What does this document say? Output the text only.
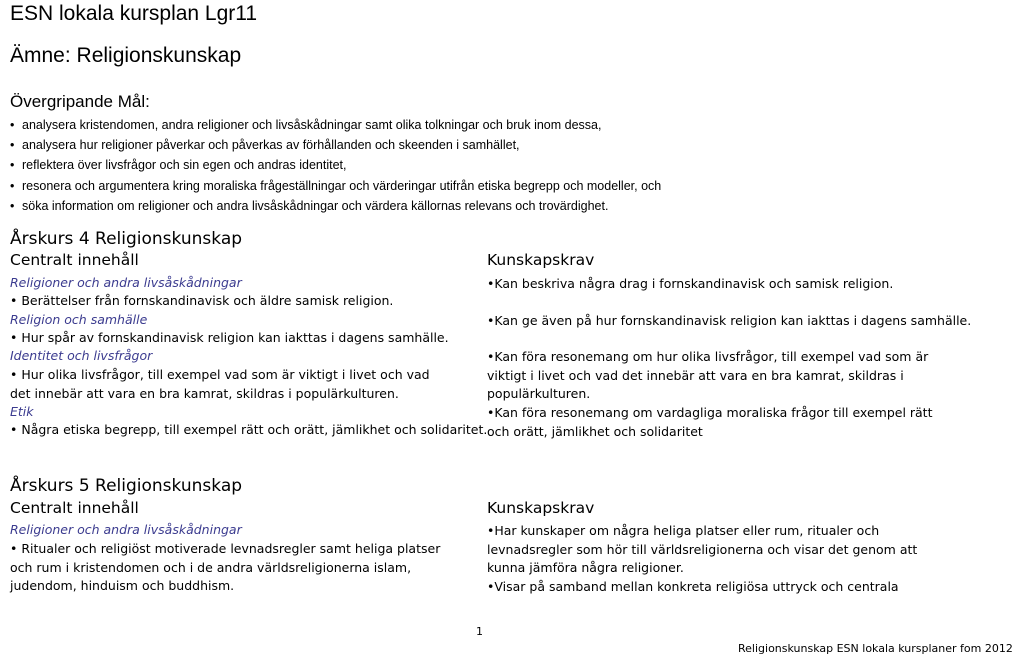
ESN lokala kursplan Lgr11
Ämne: Religionskunskap
Övergripande Mål:
• analysera kristendomen, andra religioner och livsåskådningar samt olika tolkningar och bruk inom dessa,
• analysera hur religioner påverkar och påverkas av förhållanden och skeenden i samhället,
• reflektera över livsfrågor och sin egen och andras identitet,
• resonera och argumentera kring moraliska frågeställningar och värderingar utifrån etiska begrepp och modeller, och
• söka information om religioner och andra livsåskådningar och värdera källornas relevans och trovärdighet.
Årskurs 4 Religionskunskap
Centralt innehåll	Kunskapskrav
Religioner och andra livsåskådningar
• Berättelser från fornskandinavisk och äldre samisk religion.
Religion och samhälle
• Hur spår av fornskandinavisk religion kan iakttas i dagens samhälle.
Identitet och livsfrågor
• Hur olika livsfrågor, till exempel vad som är viktigt i livet och vad det innebär att vara en bra kamrat, skildras i populärkulturen.
Etik
• Några etiska begrepp, till exempel rätt och orätt, jämlikhet och solidaritet.
• Kan beskriva några drag i fornskandinavisk och samisk religion.
• Kan ge även på hur fornskandinavisk religion kan iakttas i dagens samhälle.
• Kan föra resonemang om hur olika livsfrågor, till exempel vad som är viktigt i livet och vad det innebär att vara en bra kamrat, skildras i populärkulturen.
• Kan föra resonemang om vardagliga moraliska frågor till exempel rätt och orätt, jämlikhet och solidaritet
Årskurs 5 Religionskunskap
Centralt innehåll	Kunskapskrav
Religioner och andra livsåskådningar
• Ritualer och religiöst motiverade levnadsregler samt heliga platser och rum i kristendomen och i de andra världsreligionerna islam, judendom, hinduism och buddhism.
• Har kunskaper om några heliga platser eller rum, ritualer och levnadsregler som hör till världsreligionerna och visar det genom att kunna jämföra några religioner.
• Visar på samband mellan konkreta religiösa uttryck och centrala
1
Religionskunskap ESN lokala kursplaner fom 2012
